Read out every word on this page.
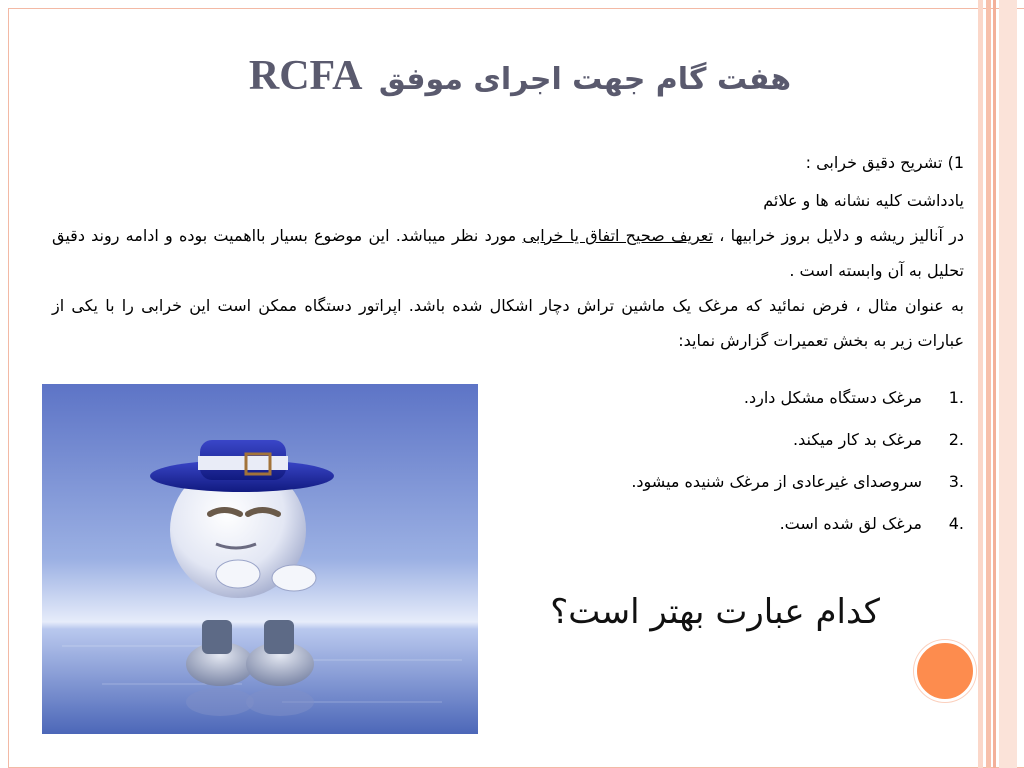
هفت گام جهت اجرای موفق RCFA

1) تشریح دقیق خرابی :

یادداشت کلیه نشانه ها و علائم

در آنالیز ریشه و دلایل بروز خرابیها ، تعریف صحیح اتفاق یا خرابی مورد نظر میباشد. این موضوع بسیار بااهمیت بوده و ادامه روند دقیق تحلیل به آن وابسته است .

به عنوان مثال ، فرض نمائید که مرغک یک ماشین تراش دچار اشکال شده باشد. اپراتور دستگاه ممکن است این خرابی را با یکی از عبارات زیر به بخش تعمیرات گزارش نماید:

1.
مرغک دستگاه مشکل دارد.
2.
مرغک بد کار میکند.
3.
سروصدای غیرعادی از مرغک شنیده میشود.
4.
مرغک لق شده است.
کدام عبارت بهتر است؟
